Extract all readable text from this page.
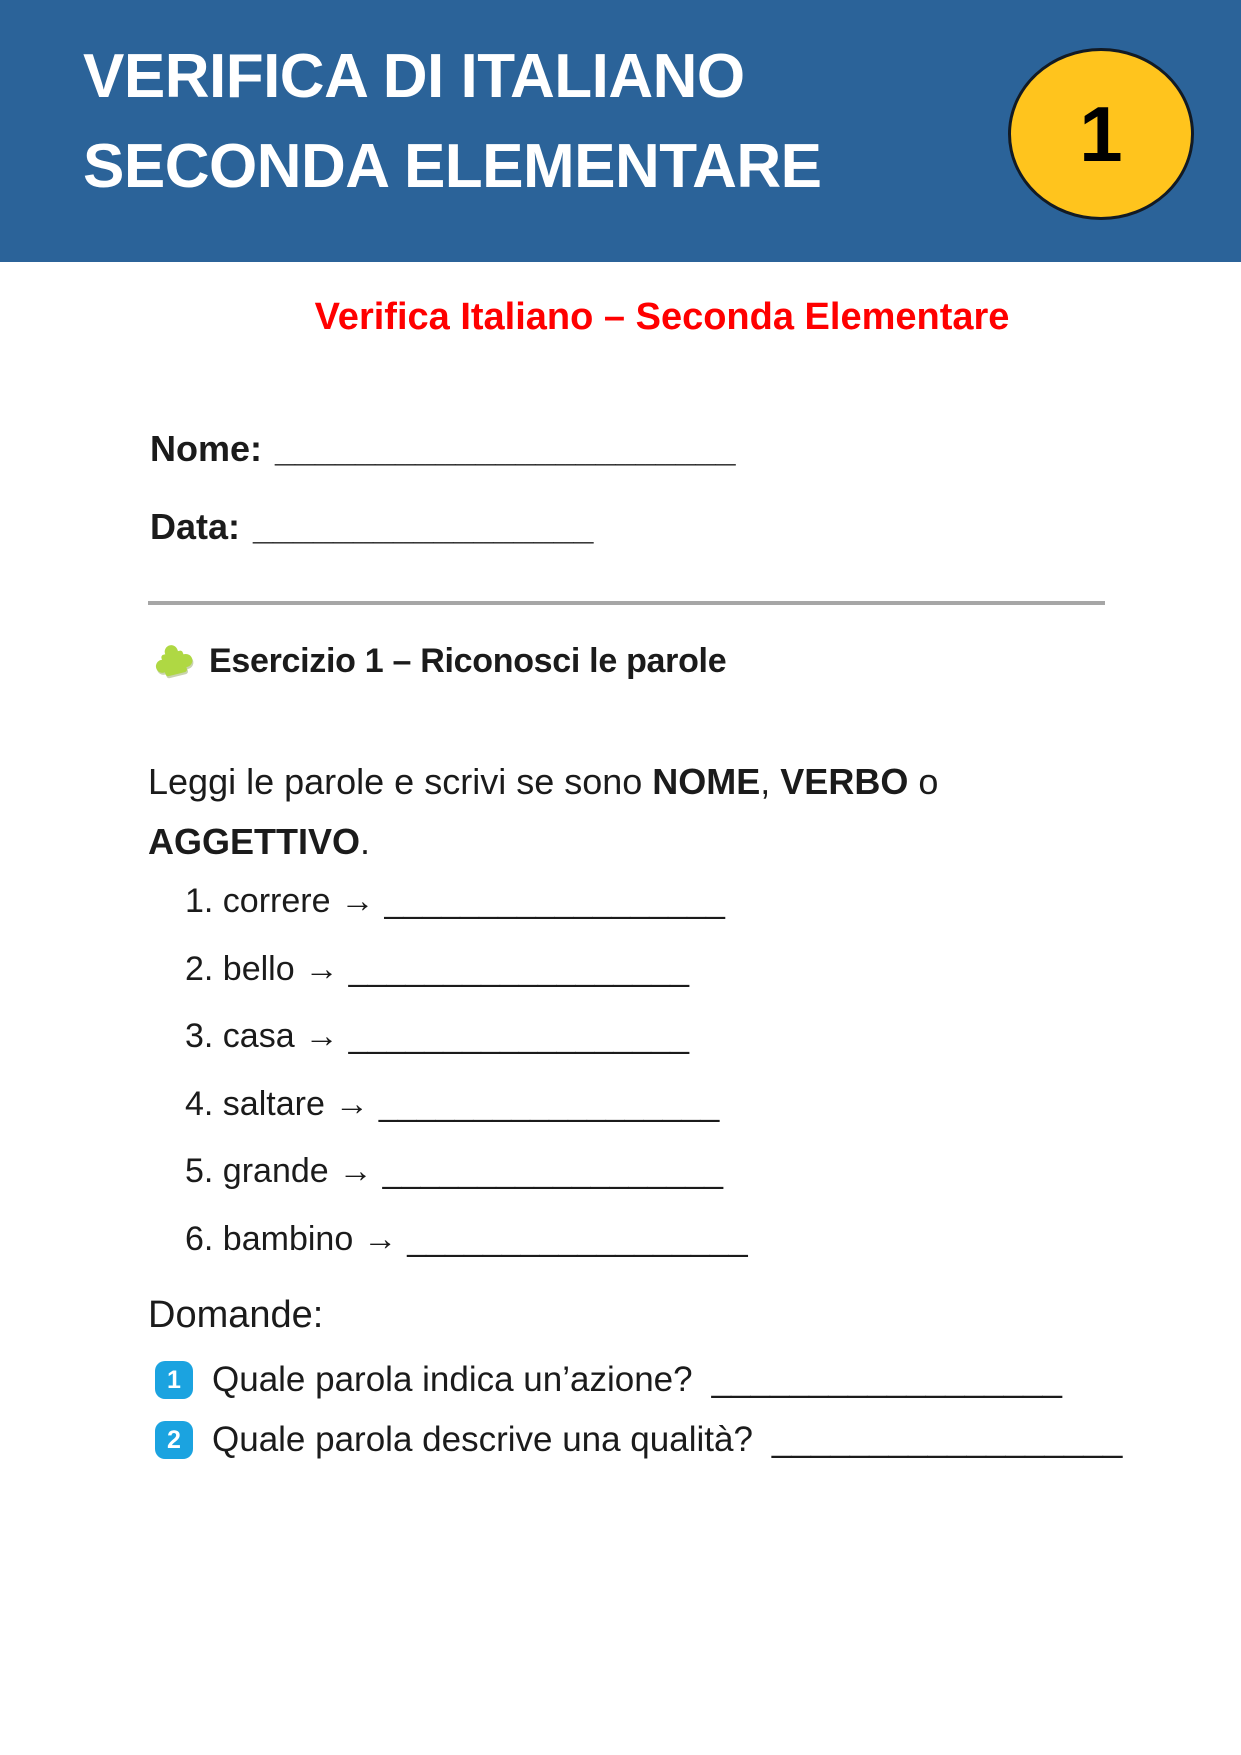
VERIFICA DI ITALIANO
SECONDA ELEMENTARE	1
Verifica Italiano – Seconda Elementare
Nome: _______________________
Data: _________________
Esercizio 1 – Riconosci le parole
Leggi le parole e scrivi se sono NOME, VERBO o AGGETTIVO.
1. correre → __________________
2. bello → __________________
3. casa → __________________
4. saltare → __________________
5. grande → __________________
6. bambino → __________________
Domande:
1 Quale parola indica un’azione? __________________
2 Quale parola descrive una qualità? __________________
